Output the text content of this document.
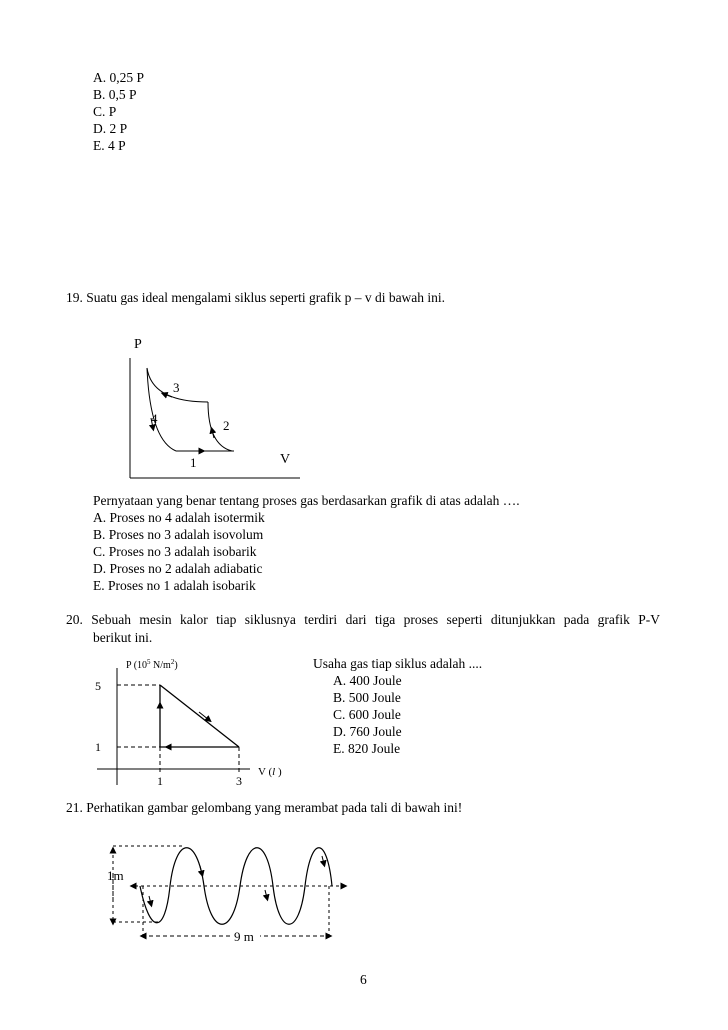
A. 0,25 P
B. 0,5 P
C. P
D. 2 P
E. 4 P
19. Suatu gas ideal mengalami siklus seperti grafik p – v di bawah ini.
P
V
3
4	2
1
Pernyataan yang benar tentang proses gas berdasarkan grafik di atas adalah ….
A. Proses no 4 adalah isotermik
B. Proses no 3 adalah isovolum
C. Proses no 3 adalah isobarik
D. Proses no 2 adalah adiabatic
E. Proses no 1 adalah isobarik
20. Sebuah mesin kalor tiap siklusnya terdiri dari tiga proses seperti ditunjukkan pada grafik P-V
berikut ini.
P ($10^5$ $N/m^2$)
5
1
1	3
V (l )
Usaha gas tiap siklus adalah ....
A. 400 Joule
B. 500 Joule
C. 600 Joule
D. 760 Joule
E. 820 Joule
21. Perhatikan gambar gelombang yang merambat pada tali di bawah ini!
1m
9 m
6
